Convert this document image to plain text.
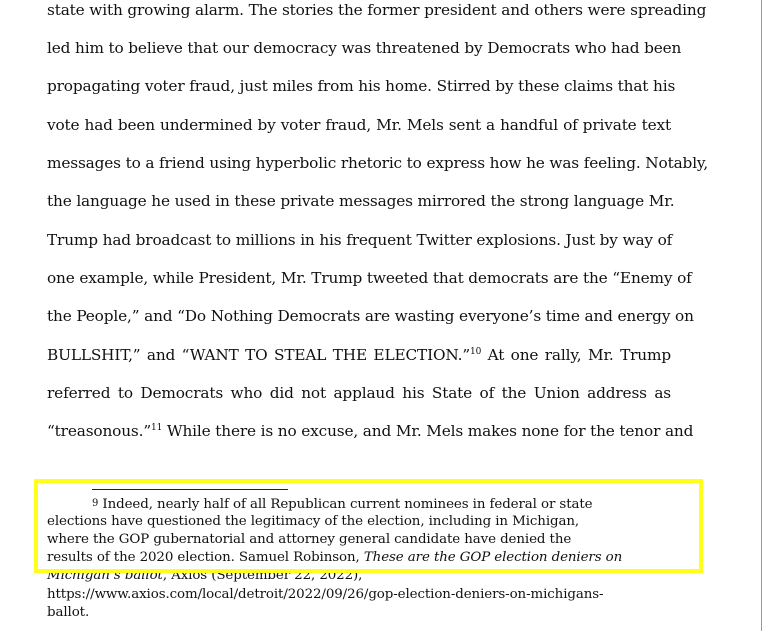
state with growing alarm. The stories the former president and others were spreading
led him to believe that our democracy was threatened by Democrats who had been
propagating voter fraud, just miles from his home. Stirred by these claims that his
vote had been undermined by voter fraud, Mr. Mels sent a handful of private text
messages to a friend using hyperbolic rhetoric to express how he was feeling. Notably,
the language he used in these private messages mirrored the strong language Mr.
Trump had broadcast to millions in his frequent Twitter explosions. Just by way of
one example, while President, Mr. Trump tweeted that democrats are the “Enemy of
the People,” and “Do Nothing Democrats are wasting everyone’s time and energy on
BULLSHIT,” and “WANT TO STEAL THE ELECTION.”$^{10}$ At one rally, Mr. Trump
referred to Democrats who did not applaud his State of the Union address as
“treasonous.”$^{11}$ While there is no excuse, and Mr. Mels makes none for the tenor and
9 Indeed, nearly half of all Republican current nominees in federal or state
elections have questioned the legitimacy of the election, including in Michigan,
where the GOP gubernatorial and attorney general candidate have denied the
results of the 2020 election. Samuel Robinson, These are the GOP election deniers on
Michigan’s ballot, Axios (September 22, 2022),
https://www.axios.com/local/detroit/2022/09/26/gop-election-deniers-on-michigans-
ballot.
